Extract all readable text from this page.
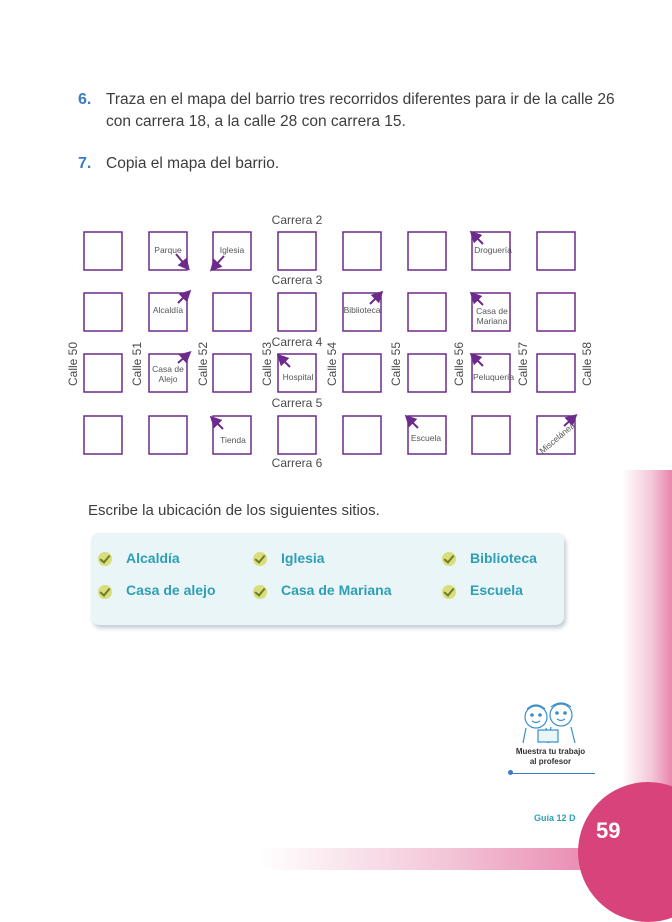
6. Traza en el mapa del barrio tres recorridos diferentes para ir de la calle 26
con carrera 18, a la calle 28 con carrera 15.
7. Copia el mapa del barrio.
Carrera 2
Carrera 3
Carrera 4
Carrera 5
Carrera 6
Calle 50	Calle 51	Calle 52	Calle 53	Calle 54	Calle 55	Calle 56	Calle 57	Calle 58
Parque	Iglesia	Droguería
Alcaldía	Biblioteca	Casa de Mariana
Casa de Alejo	Hospital	Peluquería
Tienda	Escuela	Miscelánea
Escribe la ubicación de los siguientes sitios.
Alcaldía	Iglesia	Biblioteca
Casa de alejo	Casa de Mariana	Escuela
Muestra tu trabajo
al profesor
Guía 12 D 59
